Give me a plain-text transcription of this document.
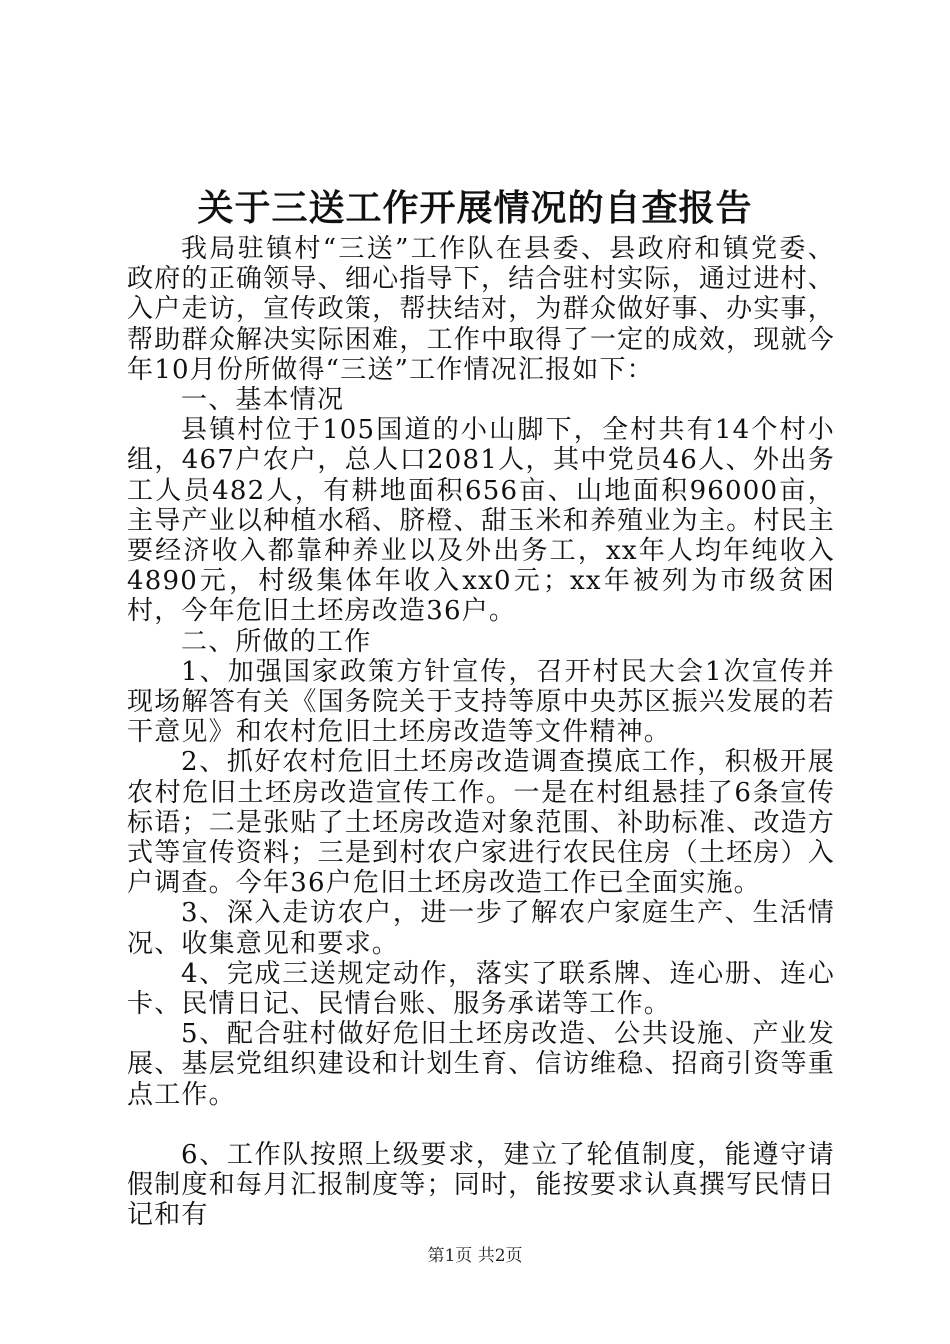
关于三送工作开展情况的自查报告

我局驻镇村“三送”工作队在县委、县政府和镇党委、政府的正确领导、细心指导下，结合驻村实际，通过进村、入户走访，宣传政策，帮扶结对，为群众做好事、办实事，帮助群众解决实际困难，工作中取得了一定的成效，现就今年10月份所做得“三送”工作情况汇报如下：

一、基本情况

县镇村位于105国道的小山脚下，全村共有14个村小组，467户农户，总人口2081人，其中党员46人、外出务工人员482人，有耕地面积656亩、山地面积96000亩，主导产业以种植水稻、脐橙、甜玉米和养殖业为主。村民主要经济收入都靠种养业以及外出务工，xx年人均年纯收入4890元，村级集体年收入xx0元；xx年被列为市级贫困村，今年危旧土坯房改造36户。

二、所做的工作

1、加强国家政策方针宣传，召开村民大会1次宣传并现场解答有关《国务院关于支持等原中央苏区振兴发展的若干意见》和农村危旧土坯房改造等文件精神。

2、抓好农村危旧土坯房改造调查摸底工作，积极开展农村危旧土坯房改造宣传工作。一是在村组悬挂了6条宣传标语；二是张贴了土坯房改造对象范围、补助标准、改造方式等宣传资料；三是到村农户家进行农民住房（土坯房）入户调查。今年36户危旧土坯房改造工作已全面实施。

3、深入走访农户，进一步了解农户家庭生产、生活情况、收集意见和要求。

4、完成三送规定动作，落实了联系牌、连心册、连心卡、民情日记、民情台账、服务承诺等工作。

5、配合驻村做好危旧土坯房改造、公共设施、产业发展、基层党组织建设和计划生育、信访维稳、招商引资等重点工作。

6、工作队按照上级要求，建立了轮值制度，能遵守请假制度和每月汇报制度等；同时，能按要求认真撰写民情日记和有

第1页 共2页
